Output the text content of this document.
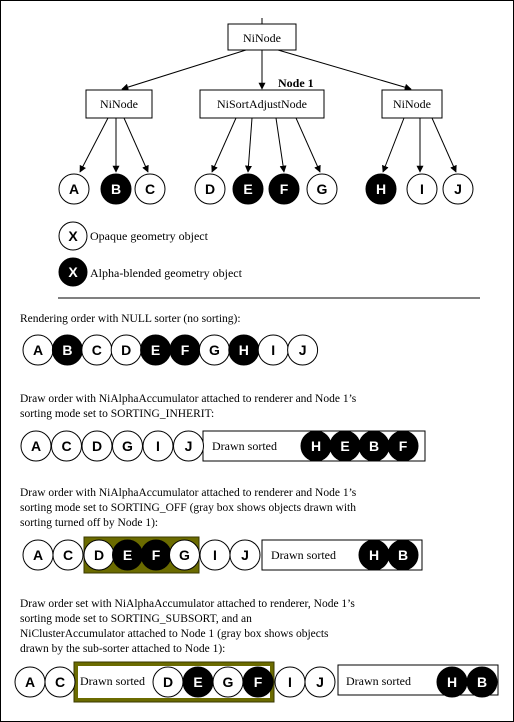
NiNode
Node 1
NiNode	NiSortAdjustNode	NiNode
A B C	D E F G	H I J
Opaque geometry object
Alpha-blended geometry object
X
X
Rendering order with NULL sorter (no sorting):
Draw order with NiAlphaAccumulator attached to renderer and Node 1’s
sorting mode set to SORTING_INHERIT:
Draw order with NiAlphaAccumulator attached to renderer and Node 1’s
sorting mode set to SORTING_OFF (gray box shows objects drawn with
sorting turned off by Node 1):
Draw order set with NiAlphaAccumulator attached to renderer, Node 1’s
sorting mode set to SORTING_SUBSORT, and an
NiClusterAccumulator attached to Node 1 (gray box shows objects
drawn by the sub-sorter attached to Node 1):
Drawn sorted
Drawn sorted
Drawn sorted	Drawn sorted
A B C D E F G H I J
A C D G I J	H E B F
A C D E F G I J	H B
A C	D E G F I J	H B
